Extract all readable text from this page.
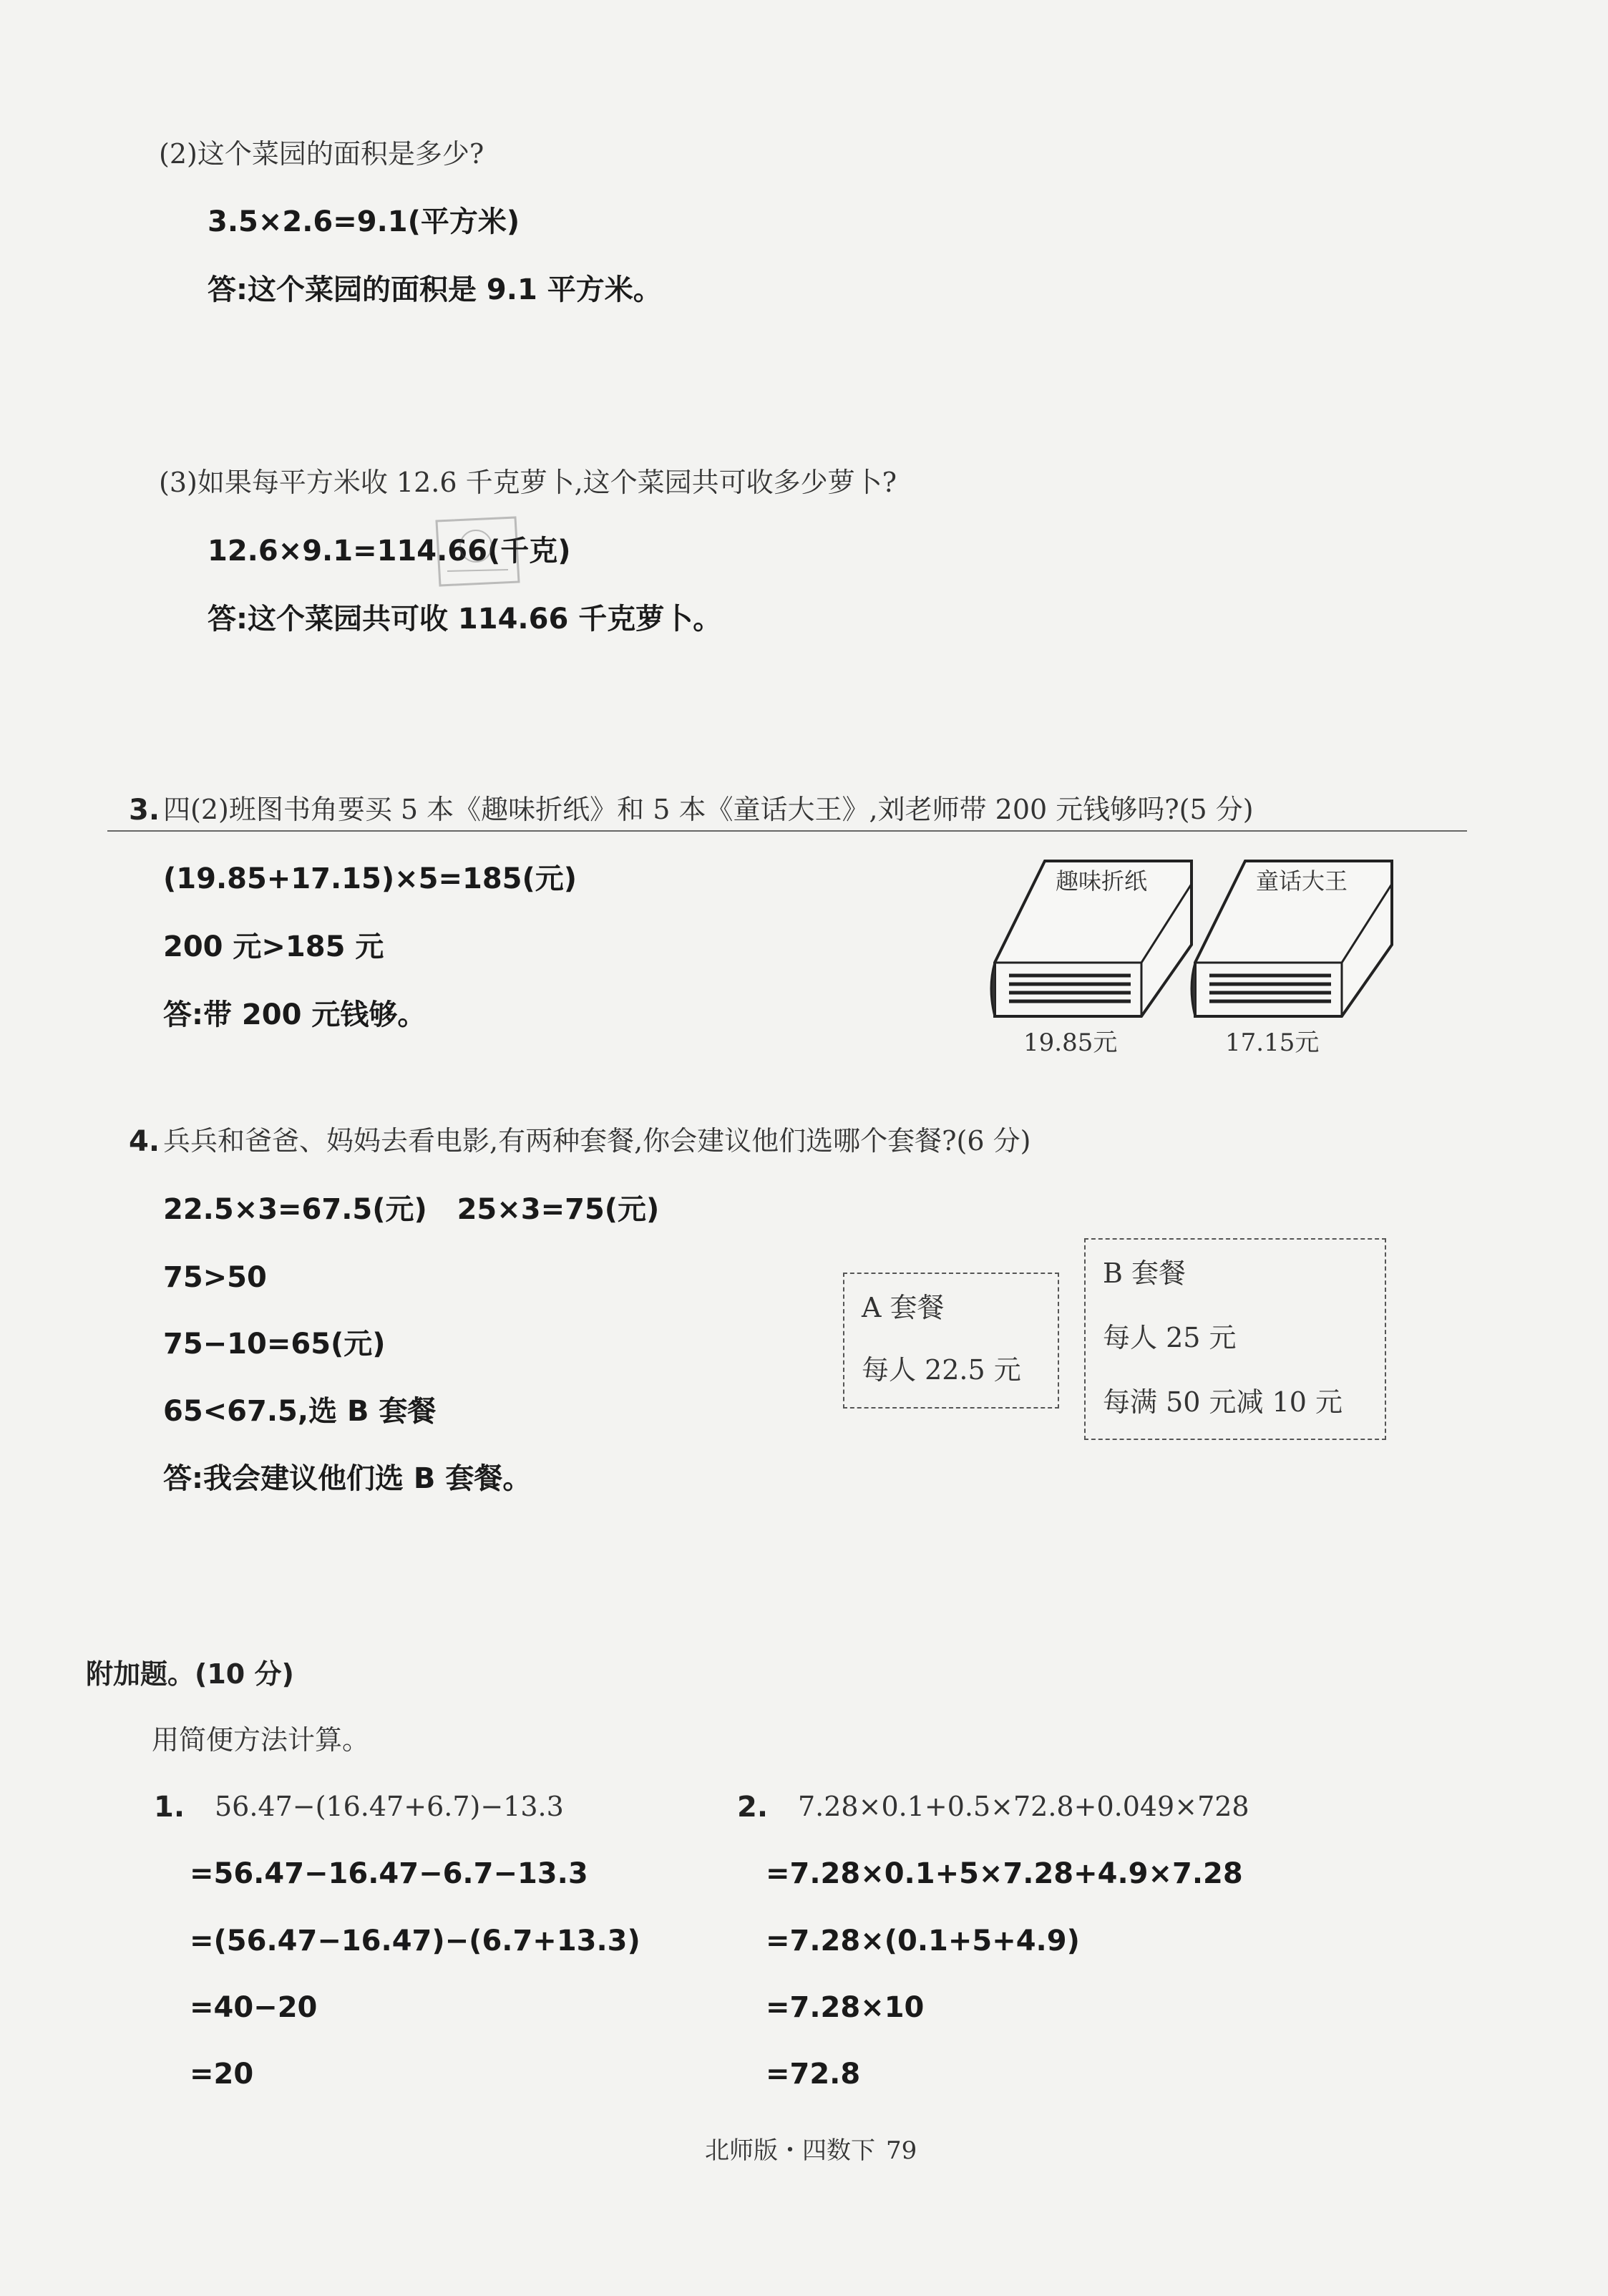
(2)这个菜园的面积是多少?
3.5×2.6=9.1(平方米)
答:这个菜园的面积是 9.1 平方米。
(3)如果每平方米收 12.6 千克萝卜,这个菜园共可收多少萝卜?
12.6×9.1=114.66(千克)
答:这个菜园共可收 114.66 千克萝卜。
3. 四(2)班图书角要买 5 本《趣味折纸》和 5 本《童话大王》,刘老师带 200 元钱够吗?(5 分)
(19.85+17.15)×5=185(元)
200 元>185 元
答:带 200 元钱够。
趣味折纸
19.85元
童话大王
17.15元
4. 兵兵和爸爸、妈妈去看电影,有两种套餐,你会建议他们选哪个套餐?(6 分)
22.5×3=67.5(元)   25×3=75(元)
75>50
75−10=65(元)
65<67.5,选 B 套餐
答:我会建议他们选 B 套餐。
A 套餐
每人 22.5 元
B 套餐
每人 25 元
每满 50 元减 10 元
附加题。(10 分)
用简便方法计算。
1. 56.47−(16.47+6.7)−13.3
=56.47−16.47−6.7−13.3
=(56.47−16.47)−(6.7+13.3)
=40−20
=20
2. 7.28×0.1+0.5×72.8+0.049×728
=7.28×0.1+5×7.28+4.9×7.28
=7.28×(0.1+5+4.9)
=7.28×10
=72.8
北师版・四数下 79
